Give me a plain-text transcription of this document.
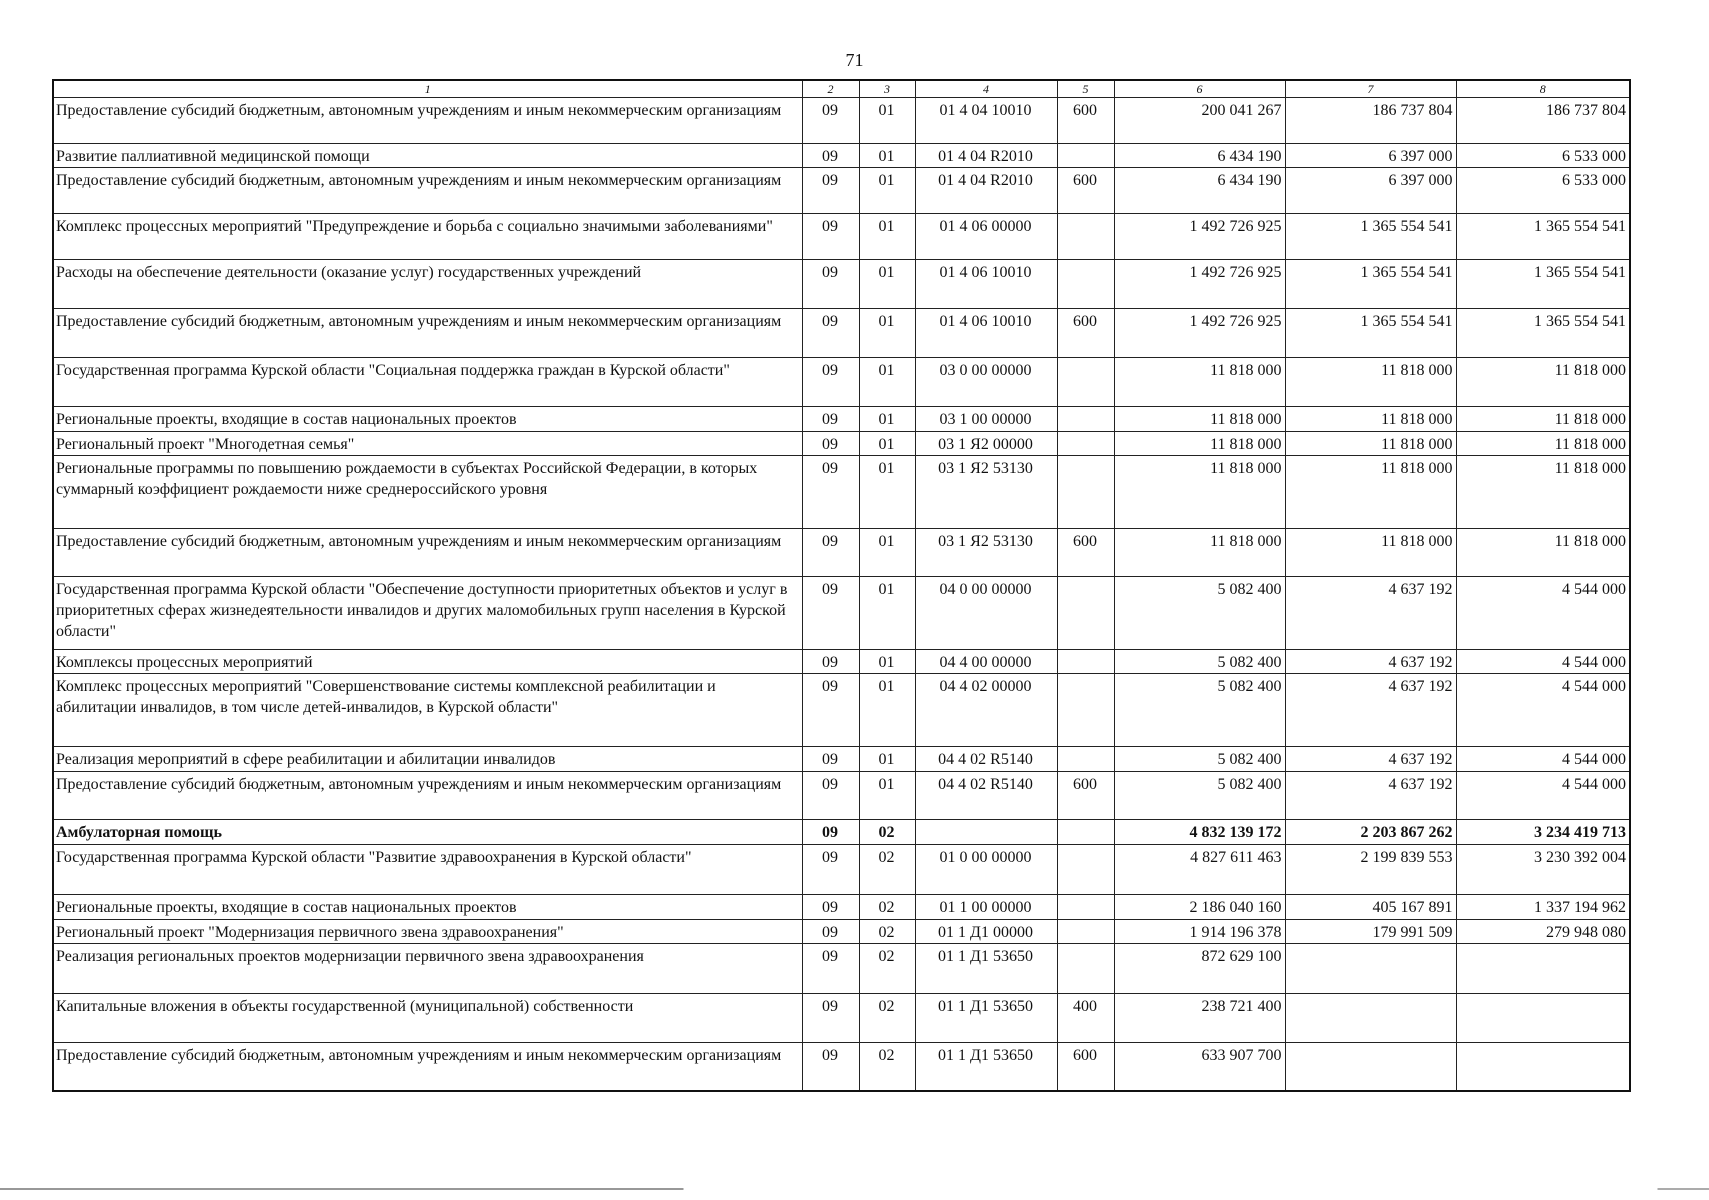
71
1	2	3	4	5	6	7	8
Предоставление субсидий бюджетным, автономным учреждениям и иным некоммерческим организациям	09	01	01 4 04 10010	600	200 041 267	186 737 804	186 737 804
Развитие паллиативной медицинской помощи	09	01	01 4 04 R2010		6 434 190	6 397 000	6 533 000
Предоставление субсидий бюджетным, автономным учреждениям и иным некоммерческим организациям	09	01	01 4 04 R2010	600	6 434 190	6 397 000	6 533 000
Комплекс процессных мероприятий "Предупреждение и борьба с социально значимыми заболеваниями"	09	01	01 4 06 00000		1 492 726 925	1 365 554 541	1 365 554 541
Расходы на обеспечение деятельности (оказание услуг) государственных учреждений	09	01	01 4 06 10010		1 492 726 925	1 365 554 541	1 365 554 541
Предоставление субсидий бюджетным, автономным учреждениям и иным некоммерческим организациям	09	01	01 4 06 10010	600	1 492 726 925	1 365 554 541	1 365 554 541
Государственная программа Курской области "Социальная поддержка граждан в Курской области"	09	01	03 0 00 00000		11 818 000	11 818 000	11 818 000
Региональные проекты, входящие в состав национальных проектов	09	01	03 1 00 00000		11 818 000	11 818 000	11 818 000
Региональный проект "Многодетная семья"	09	01	03 1 Я2 00000		11 818 000	11 818 000	11 818 000
Региональные программы по повышению рождаемости в субъектах Российской Федерации, в которых суммарный коэффициент рождаемости ниже среднероссийского уровня	09	01	03 1 Я2 53130		11 818 000	11 818 000	11 818 000
Предоставление субсидий бюджетным, автономным учреждениям и иным некоммерческим организациям	09	01	03 1 Я2 53130	600	11 818 000	11 818 000	11 818 000
Государственная программа Курской области "Обеспечение доступности приоритетных объектов и услуг в приоритетных сферах жизнедеятельности инвалидов и других маломобильных групп населения в Курской области"	09	01	04 0 00 00000		5 082 400	4 637 192	4 544 000
Комплексы процессных мероприятий	09	01	04 4 00 00000		5 082 400	4 637 192	4 544 000
Комплекс процессных мероприятий "Совершенствование системы комплексной реабилитации и абилитации инвалидов, в том числе детей-инвалидов, в Курской области"	09	01	04 4 02 00000		5 082 400	4 637 192	4 544 000
Реализация мероприятий в сфере реабилитации и абилитации инвалидов	09	01	04 4 02 R5140		5 082 400	4 637 192	4 544 000
Предоставление субсидий бюджетным, автономным учреждениям и иным некоммерческим организациям	09	01	04 4 02 R5140	600	5 082 400	4 637 192	4 544 000
Амбулаторная помощь	09	02			4 832 139 172	2 203 867 262	3 234 419 713
Государственная программа Курской области "Развитие здравоохранения в Курской области"	09	02	01 0 00 00000		4 827 611 463	2 199 839 553	3 230 392 004
Региональные проекты, входящие в состав национальных проектов	09	02	01 1 00 00000		2 186 040 160	405 167 891	1 337 194 962
Региональный проект "Модернизация первичного звена здравоохранения"	09	02	01 1 Д1 00000		1 914 196 378	179 991 509	279 948 080
Реализация региональных проектов модернизации первичного звена здравоохранения	09	02	01 1 Д1 53650		872 629 100		
Капитальные вложения в объекты государственной (муниципальной) собственности	09	02	01 1 Д1 53650	400	238 721 400		
Предоставление субсидий бюджетным, автономным учреждениям и иным некоммерческим организациям	09	02	01 1 Д1 53650	600	633 907 700		
